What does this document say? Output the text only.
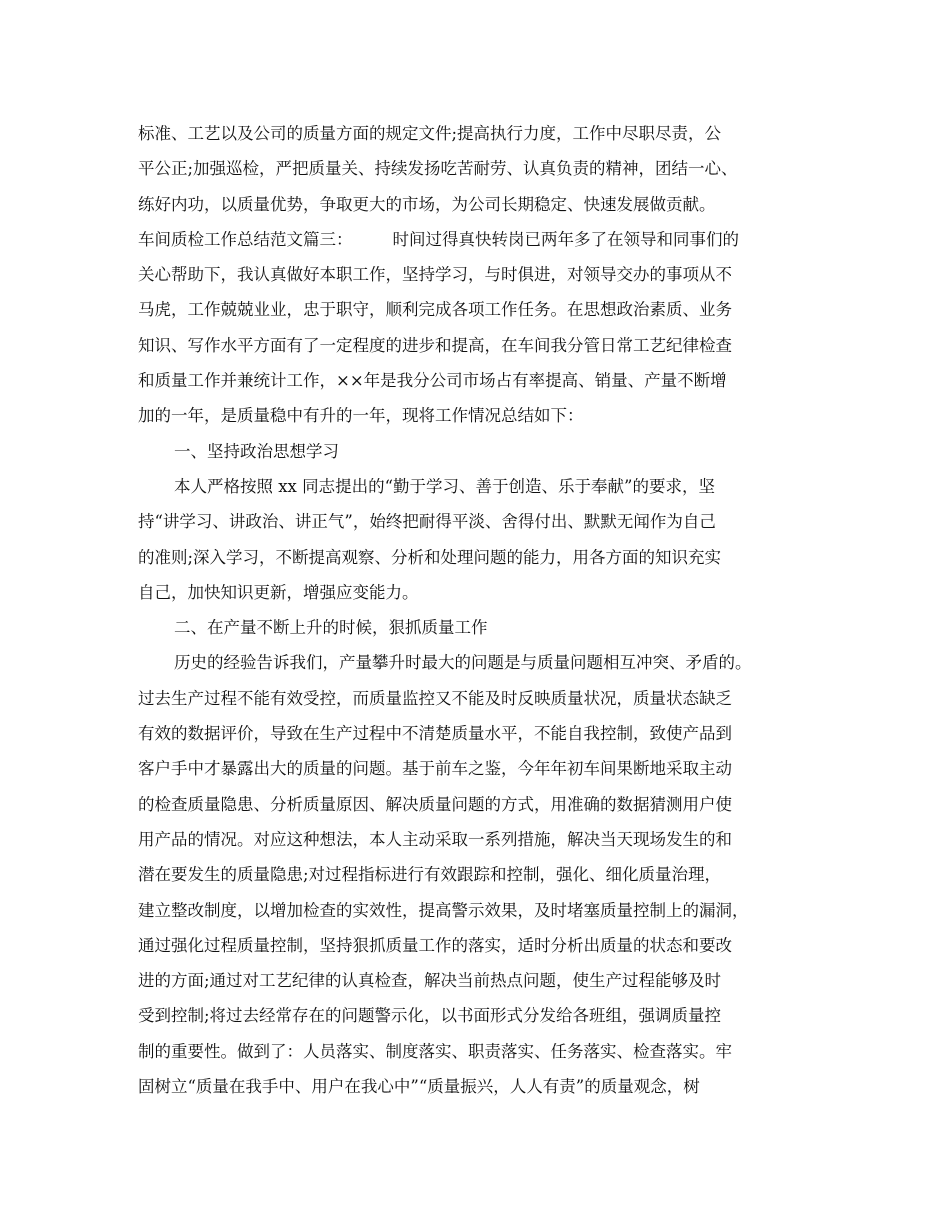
标准、工艺以及公司的质量方面的规定文件;提高执行力度，工作中尽职尽责，公
平公正;加强巡检，严把质量关、持续发扬吃苦耐劳、认真负责的精神，团结一心、
练好内功，以质量优势，争取更大的市场，为公司长期稳定、快速发展做贡献。
车间质检工作总结范文篇三： 时间过得真快转岗已两年多了在领导和同事们的
关心帮助下，我认真做好本职工作，坚持学习，与时俱进，对领导交办的事项从不
马虎，工作兢兢业业，忠于职守，顺利完成各项工作任务。在思想政治素质、业务
知识、写作水平方面有了一定程度的进步和提高，在车间我分管日常工艺纪律检查
和质量工作并兼统计工作，××年是我分公司市场占有率提高、销量、产量不断增
加的一年，是质量稳中有升的一年，现将工作情况总结如下：
一、坚持政治思想学习
本人严格按照 xx 同志提出的“勤于学习、善于创造、乐于奉献”的要求，坚
持“讲学习、讲政治、讲正气”，始终把耐得平淡、舍得付出、默默无闻作为自己
的准则;深入学习，不断提高观察、分析和处理问题的能力，用各方面的知识充实
自己，加快知识更新，增强应变能力。
二、在产量不断上升的时候，狠抓质量工作
历史的经验告诉我们，产量攀升时最大的问题是与质量问题相互冲突、矛盾的。
过去生产过程不能有效受控，而质量监控又不能及时反映质量状况，质量状态缺乏
有效的数据评价，导致在生产过程中不清楚质量水平，不能自我控制，致使产品到
客户手中才暴露出大的质量的问题。基于前车之鉴，今年年初车间果断地采取主动
的检查质量隐患、分析质量原因、解决质量问题的方式，用准确的数据猜测用户使
用产品的情况。对应这种想法，本人主动采取一系列措施，解决当天现场发生的和
潜在要发生的质量隐患;对过程指标进行有效跟踪和控制，强化、细化质量治理，
建立整改制度，以增加检查的实效性，提高警示效果，及时堵塞质量控制上的漏洞，
通过强化过程质量控制，坚持狠抓质量工作的落实，适时分析出质量的状态和要改
进的方面;通过对工艺纪律的认真检查，解决当前热点问题，使生产过程能够及时
受到控制;将过去经常存在的问题警示化，以书面形式分发给各班组，强调质量控
制的重要性。做到了：人员落实、制度落实、职责落实、任务落实、检查落实。牢
固树立“质量在我手中、用户在我心中”“质量振兴，人人有责”的质量观念，树
